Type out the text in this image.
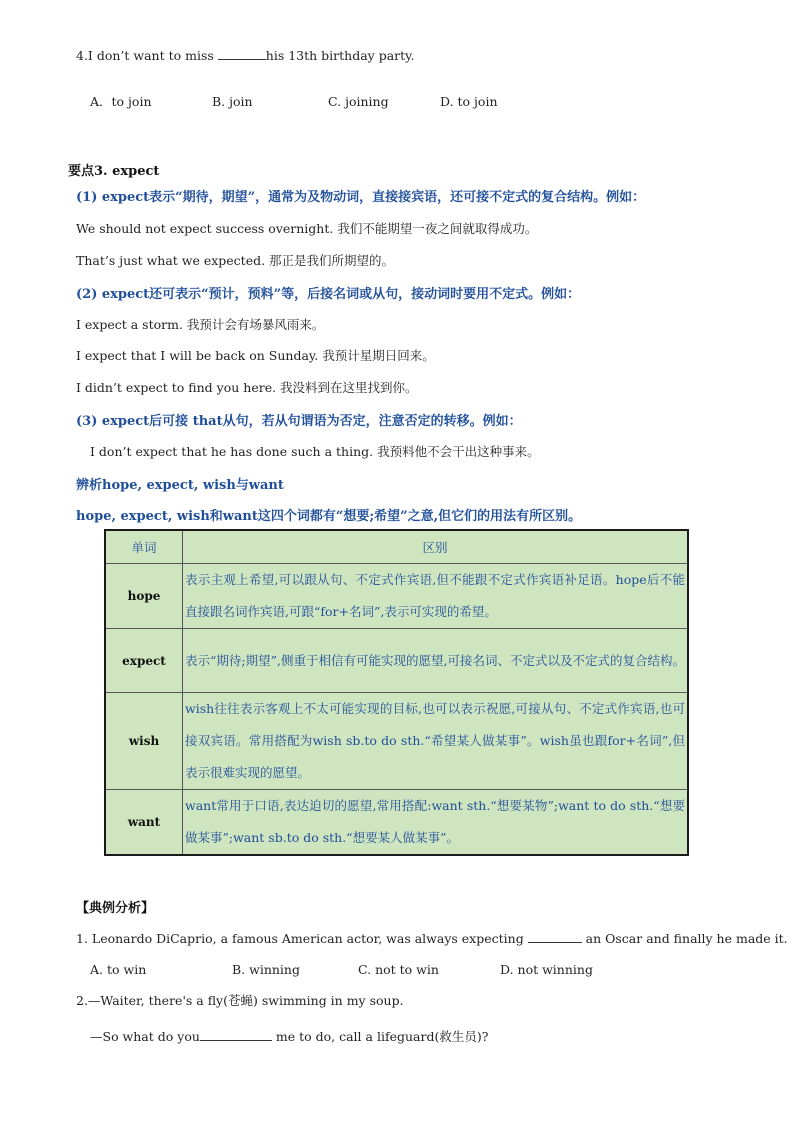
4.I don’t want to miss	his 13th birthday party.
A．to join	B. join	C. joining	D. to join
要点3. expect
(1) expect表示“期待，期望”，通常为及物动词，直接接宾语，还可接不定式的复合结构。例如：
We should not expect success overnight. 我们不能期望一夜之间就取得成功。
That’s just what we expected. 那正是我们所期望的。
(2) expect还可表示“预计，预料”等，后接名词或从句，接动词时要用不定式。例如：
I expect a storm. 我预计会有场暴风雨来。
I expect that I will be back on Sunday. 我预计星期日回来。
I didn’t expect to find you here. 我没料到在这里找到你。
(3) expect后可接 that从句，若从句谓语为否定，注意否定的转移。例如：
I don’t expect that he has done such a thing. 我预料他不会干出这种事来。
辨析hope, expect, wish与want
hope, expect, wish和want这四个词都有“想要;希望”之意,但它们的用法有所区别。
单词	区别
hope	表示主观上希望,可以跟从句、不定式作宾语,但不能跟不定式作宾语补足语。hope后不能直接跟名词作宾语,可跟“for+名词”,表示可实现的希望。
expect	表示“期待;期望”,侧重于相信有可能实现的愿望,可接名词、不定式以及不定式的复合结构。
wish	wish往往表示客观上不太可能实现的目标,也可以表示祝愿,可接从句、不定式作宾语,也可接双宾语。常用搭配为wish sb.to do sth.“希望某人做某事”。wish虽也跟for+名词”,但表示很难实现的愿望。
want	want常用于口语,表达迫切的愿望,常用搭配:want sth.“想要某物”;want to do sth.“想要做某事”;want sb.to do sth.“想要某人做某事”。
【典例分析】
1. Leonardo DiCaprio, a famous American actor, was always expecting	an Oscar and finally he made it.
A. to win	B. winning	C. not to win	D. not winning
2.—Waiter, there's a fly(苍蝇) swimming in my soup.
—So what do you	me to do, call a lifeguard(救生员)?
